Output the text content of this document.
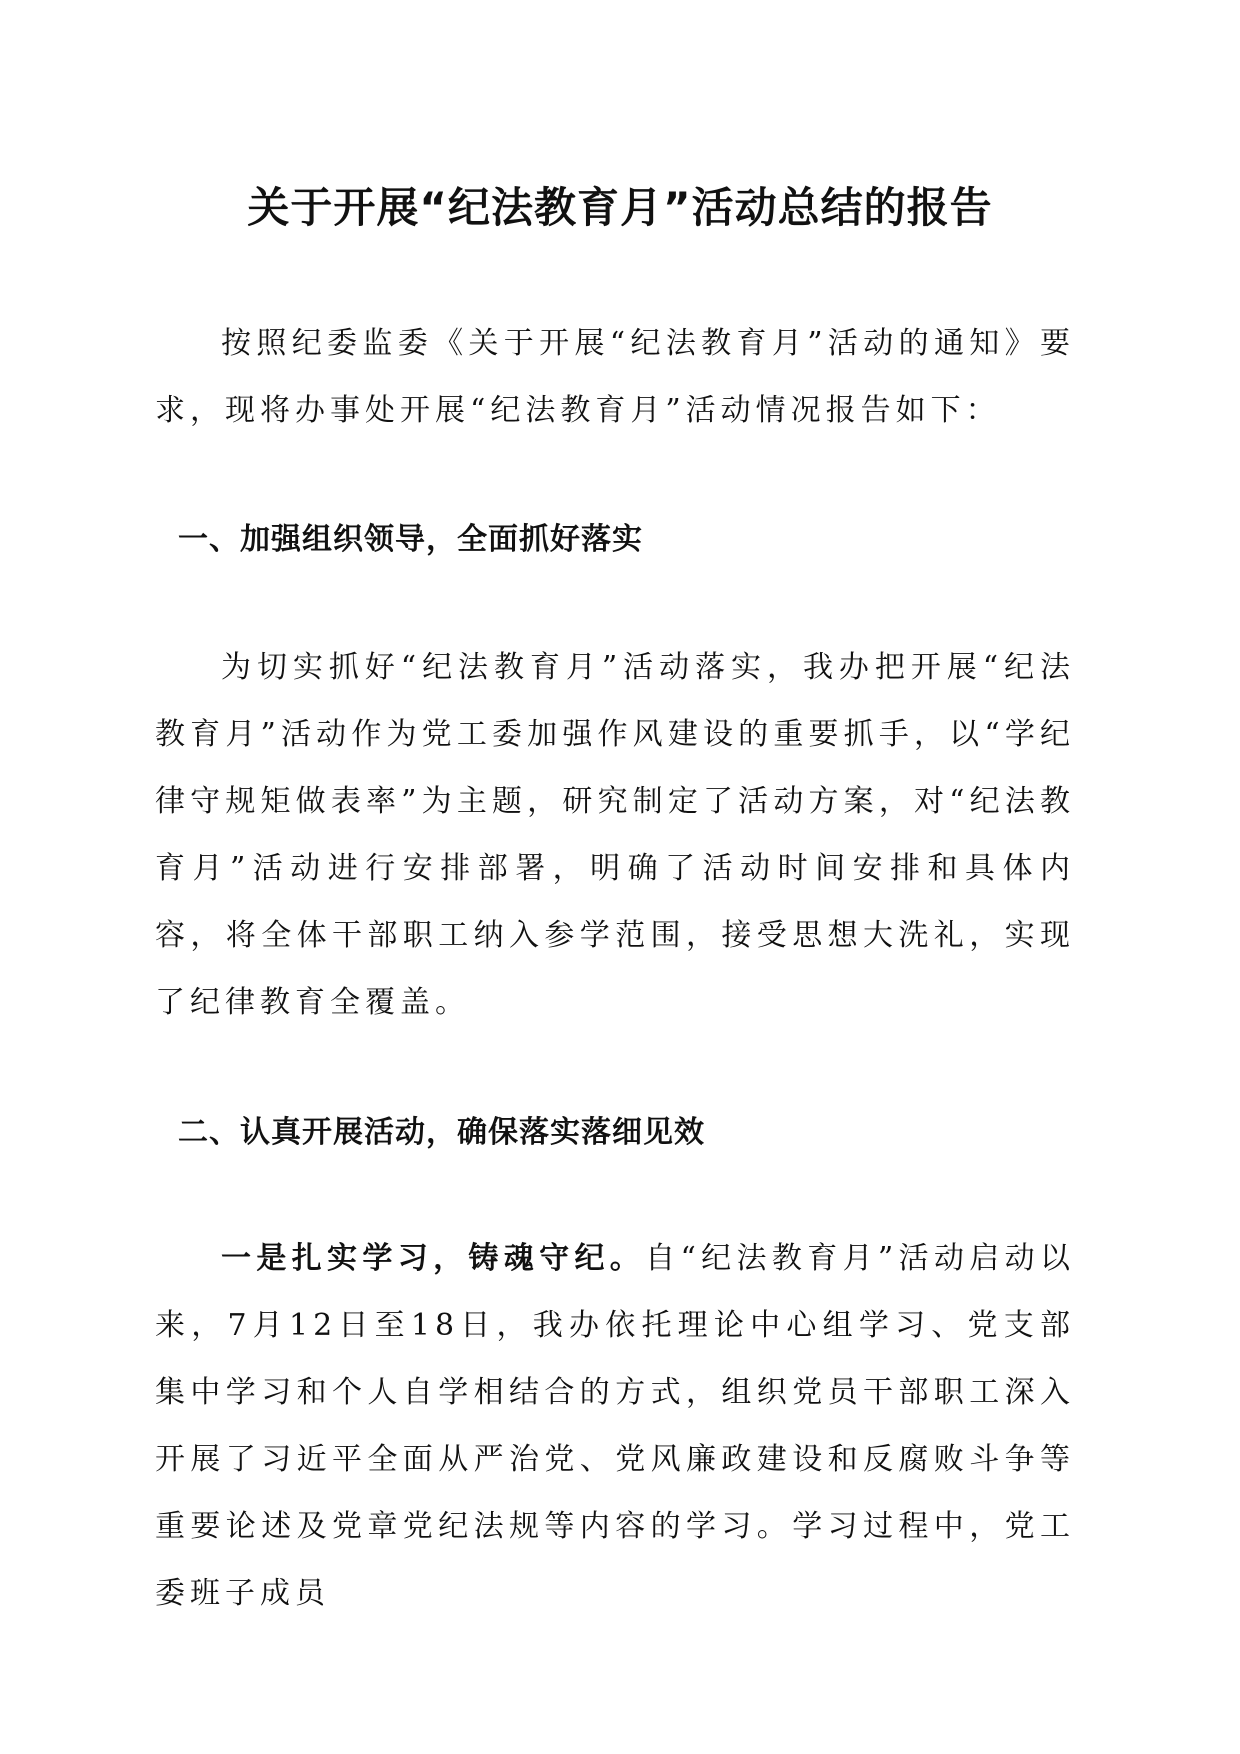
关于开展“纪法教育月”活动总结的报告

按照纪委监委《关于开展“纪法教育月”活动的通知》要求，现将办事处开展“纪法教育月”活动情况报告如下：

一、加强组织领导，全面抓好落实

为切实抓好“纪法教育月”活动落实，我办把开展“纪法教育月”活动作为党工委加强作风建设的重要抓手，以“学纪律守规矩做表率”为主题，研究制定了活动方案，对“纪法教育月”活动进行安排部署，明确了活动时间安排和具体内容，将全体干部职工纳入参学范围，接受思想大洗礼，实现了纪律教育全覆盖。

二、认真开展活动，确保落实落细见效

一是扎实学习，铸魂守纪。自“纪法教育月”活动启动以来，7月12日至18日，我办依托理论中心组学习、党支部集中学习和个人自学相结合的方式，组织党员干部职工深入开展了习近平全面从严治党、党风廉政建设和反腐败斗争等重要论述及党章党纪法规等内容的学习。学习过程中，党工委班子成员
